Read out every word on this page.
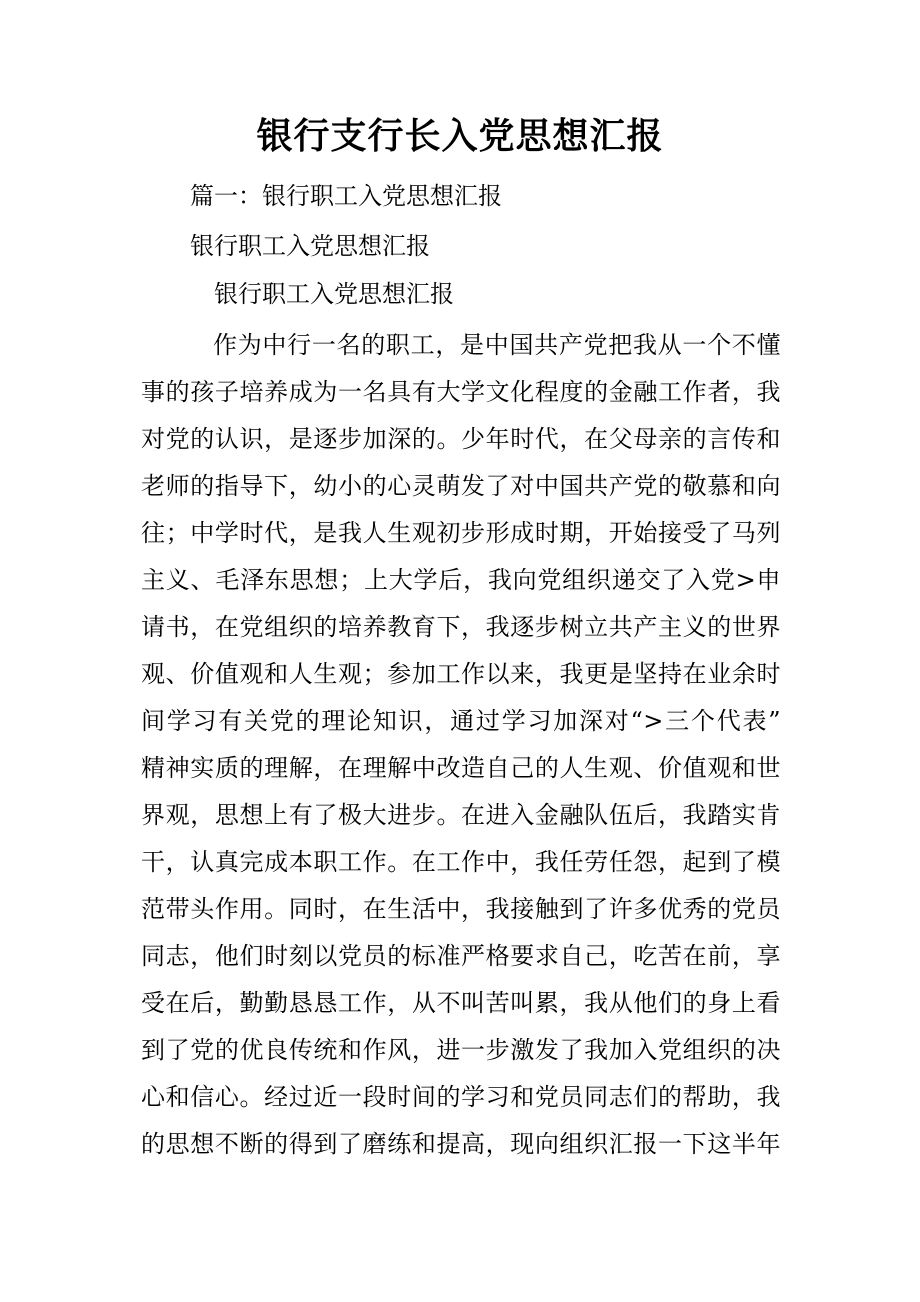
银行支行长入党思想汇报

篇一：银行职工入党思想汇报

银行职工入党思想汇报

银行职工入党思想汇报

作为中行一名的职工，是中国共产党把我从一个不懂
事的孩子培养成为一名具有大学文化程度的金融工作者，我
对党的认识，是逐步加深的。少年时代，在父母亲的言传和
老师的指导下，幼小的心灵萌发了对中国共产党的敬慕和向
往；中学时代，是我人生观初步形成时期，开始接受了马列
主义、毛泽东思想；上大学后，我向党组织递交了入党>申
请书，在党组织的培养教育下，我逐步树立共产主义的世界
观、价值观和人生观；参加工作以来，我更是坚持在业余时
间学习有关党的理论知识，通过学习加深对“>三个代表”
精神实质的理解，在理解中改造自己的人生观、价值观和世
界观，思想上有了极大进步。在进入金融队伍后，我踏实肯
干，认真完成本职工作。在工作中，我任劳任怨，起到了模
范带头作用。同时，在生活中，我接触到了许多优秀的党员
同志，他们时刻以党员的标准严格要求自己，吃苦在前，享
受在后，勤勤恳恳工作，从不叫苦叫累，我从他们的身上看
到了党的优良传统和作风，进一步激发了我加入党组织的决
心和信心。经过近一段时间的学习和党员同志们的帮助，我
的思想不断的得到了磨练和提高，现向组织汇报一下这半年
